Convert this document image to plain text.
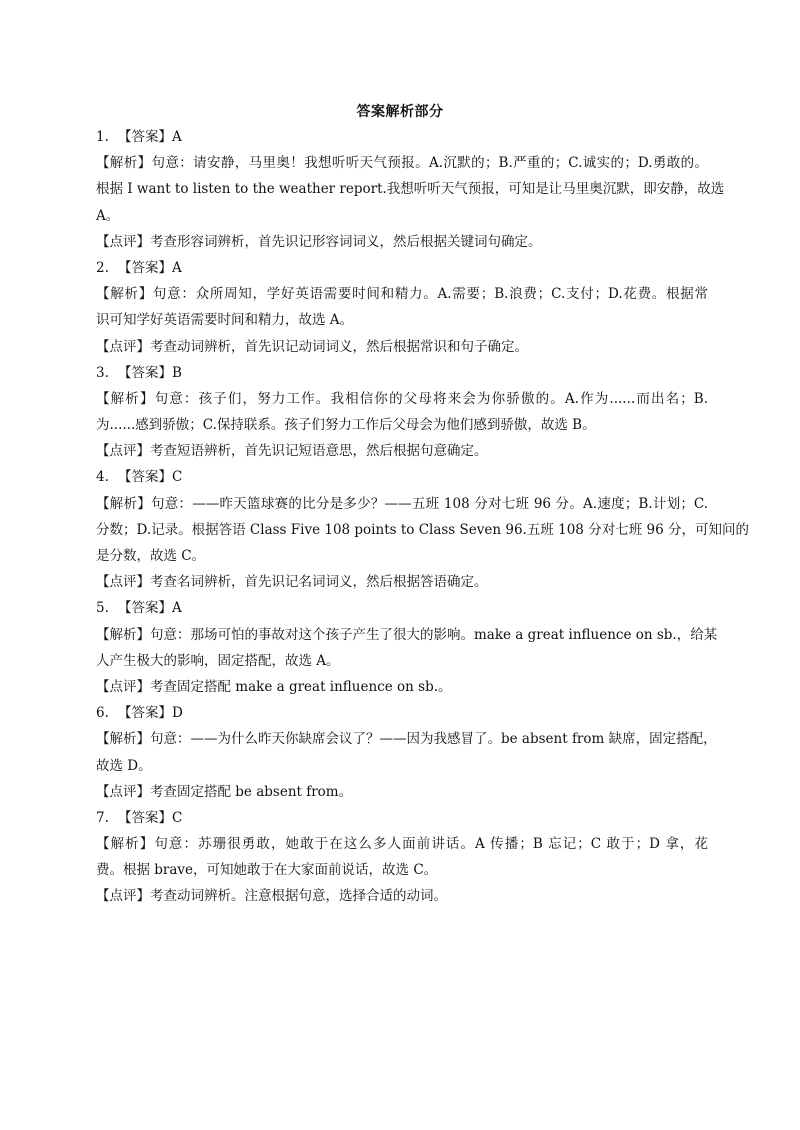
答案解析部分
1. 【答案】A
【解析】句意：请安静，马里奥！我想听听天气预报。A.沉默的；B.严重的；C.诚实的；D.勇敢的。
根据 I want to listen to the weather report.我想听听天气预报，可知是让马里奥沉默，即安静，故选
A。
【点评】考查形容词辨析，首先识记形容词词义，然后根据关键词句确定。
2. 【答案】A
【解析】句意：众所周知，学好英语需要时间和精力。A.需要；B.浪费；C.支付；D.花费。根据常
识可知学好英语需要时间和精力，故选 A。
【点评】考查动词辨析，首先识记动词词义，然后根据常识和句子确定。
3. 【答案】B
【解析】句意：孩子们，努力工作。我相信你的父母将来会为你骄傲的。A.作为......而出名；B.
为......感到骄傲；C.保持联系。孩子们努力工作后父母会为他们感到骄傲，故选 B。
【点评】考查短语辨析，首先识记短语意思，然后根据句意确定。
4. 【答案】C
【解析】句意：——昨天篮球赛的比分是多少？——五班 108 分对七班 96 分。A.速度；B.计划；C.
分数；D.记录。根据答语 Class Five 108 points to Class Seven 96.五班 108 分对七班 96 分，可知问的
是分数，故选 C。
【点评】考查名词辨析，首先识记名词词义，然后根据答语确定。
5. 【答案】A
【解析】句意：那场可怕的事故对这个孩子产生了很大的影响。make a great influence on sb.，给某
人产生极大的影响，固定搭配，故选 A。
【点评】考查固定搭配 make a great influence on sb.。
6. 【答案】D
【解析】句意：——为什么昨天你缺席会议了？——因为我感冒了。be absent from 缺席，固定搭配，
故选 D。
【点评】考查固定搭配 be absent from。
7. 【答案】C
【解析】句意：苏珊很勇敢，她敢于在这么多人面前讲话。A 传播；B 忘记；C 敢于；D 拿，花
费。根据 brave，可知她敢于在大家面前说话，故选 C。
【点评】考查动词辨析。注意根据句意，选择合适的动词。
